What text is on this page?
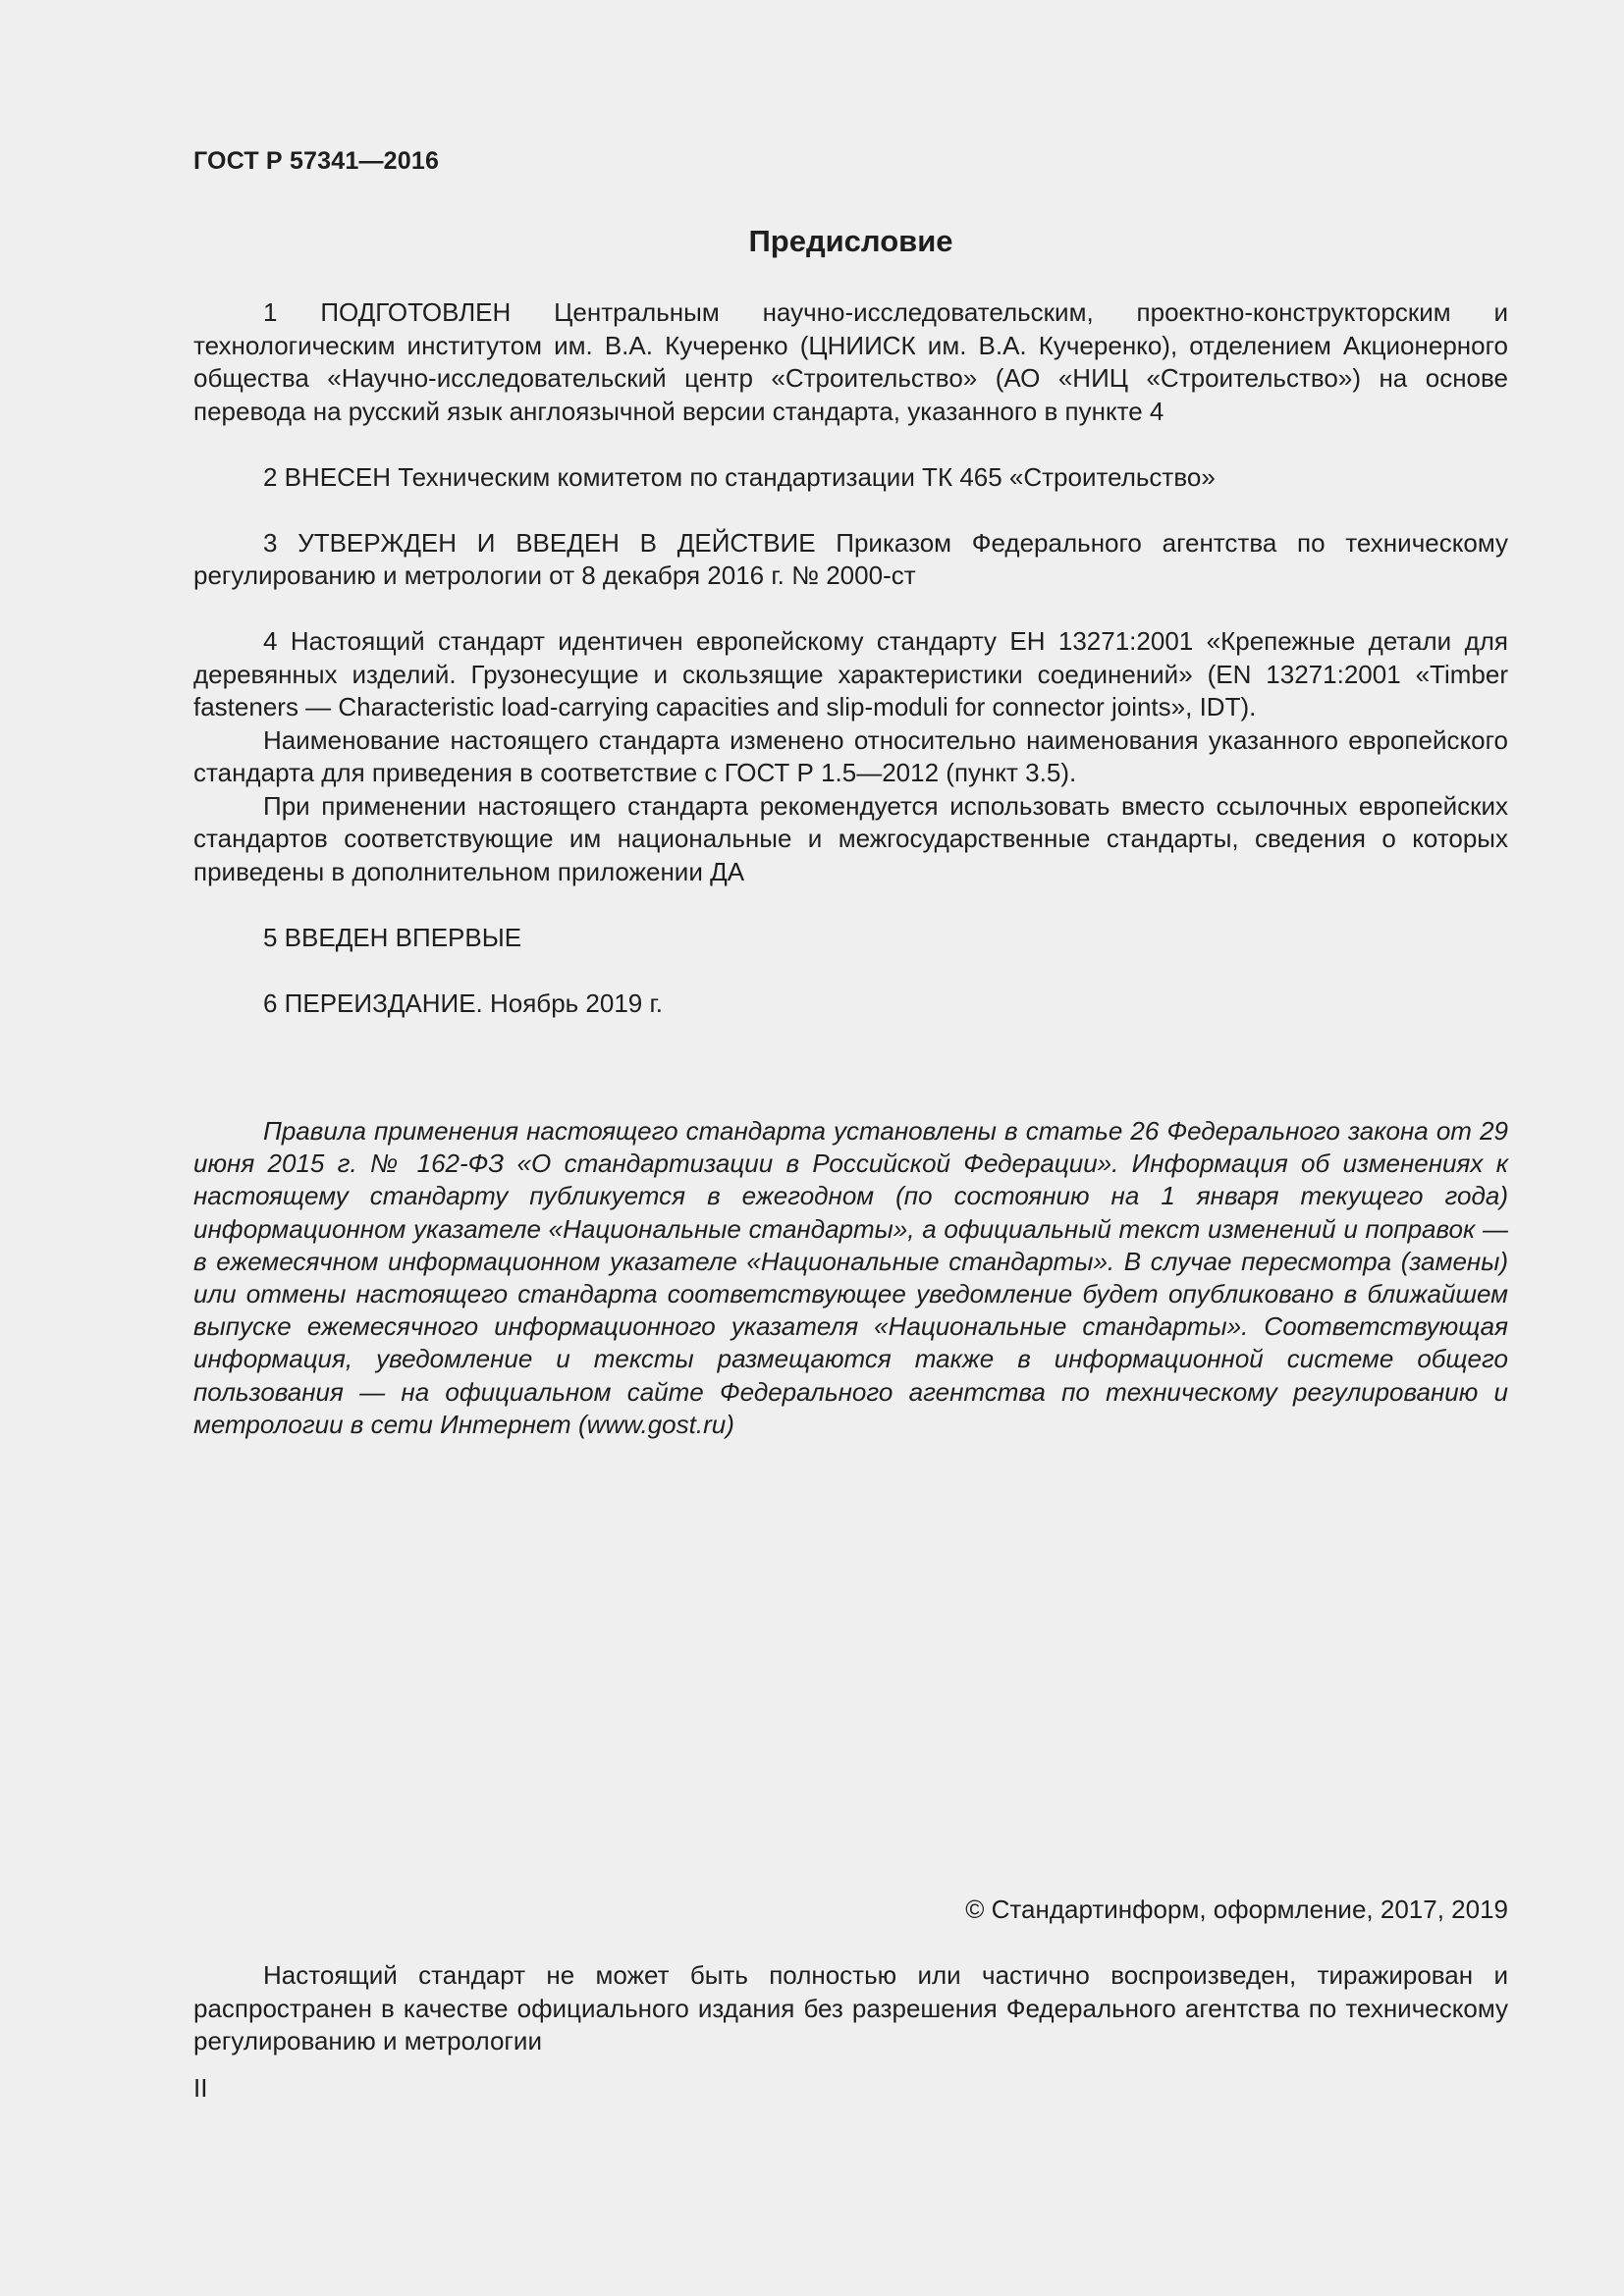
ГОСТ Р 57341—2016
Предисловие

1 ПОДГОТОВЛЕН Центральным научно-исследовательским, проектно-конструкторским и технологическим институтом им. В.А. Кучеренко (ЦНИИСК им. В.А. Кучеренко), отделением Акционерного общества «Научно-исследовательский центр «Строительство» (АО «НИЦ «Строительство») на основе перевода на русский язык англоязычной версии стандарта, указанного в пункте 4

2 ВНЕСЕН Техническим комитетом по стандартизации ТК 465 «Строительство»

3 УТВЕРЖДЕН И ВВЕДЕН В ДЕЙСТВИЕ Приказом Федерального агентства по техническому регулированию и метрологии от 8 декабря 2016 г. № 2000-ст

4 Настоящий стандарт идентичен европейскому стандарту ЕН 13271:2001 «Крепежные детали для деревянных изделий. Грузонесущие и скользящие характеристики соединений» (EN 13271:2001 «Timber fasteners — Characteristic load-carrying capacities and slip-moduli for connector joints», IDT).

Наименование настоящего стандарта изменено относительно наименования указанного европейского стандарта для приведения в соответствие с ГОСТ Р 1.5—2012 (пункт 3.5).

При применении настоящего стандарта рекомендуется использовать вместо ссылочных европейских стандартов соответствующие им национальные и межгосударственные стандарты, сведения о которых приведены в дополнительном приложении ДА

5 ВВЕДЕН ВПЕРВЫЕ

6 ПЕРЕИЗДАНИЕ. Ноябрь 2019 г.

Правила применения настоящего стандарта установлены в статье 26 Федерального закона от 29 июня 2015 г. № 162-ФЗ «О стандартизации в Российской Федерации». Информация об изменениях к настоящему стандарту публикуется в ежегодном (по состоянию на 1 января текущего года) информационном указателе «Национальные стандарты», а официальный текст изменений и поправок — в ежемесячном информационном указателе «Национальные стандарты». В случае пересмотра (замены) или отмены настоящего стандарта соответствующее уведомление будет опубликовано в ближайшем выпуске ежемесячного информационного указателя «Национальные стандарты». Соответствующая информация, уведомление и тексты размещаются также в информационной системе общего пользования — на официальном сайте Федерального агентства по техническому регулированию и метрологии в сети Интернет (www.gost.ru)

© Стандартинформ, оформление, 2017, 2019

Настоящий стандарт не может быть полностью или частично воспроизведен, тиражирован и распространен в качестве официального издания без разрешения Федерального агентства по техническому регулированию и метрологии

II
